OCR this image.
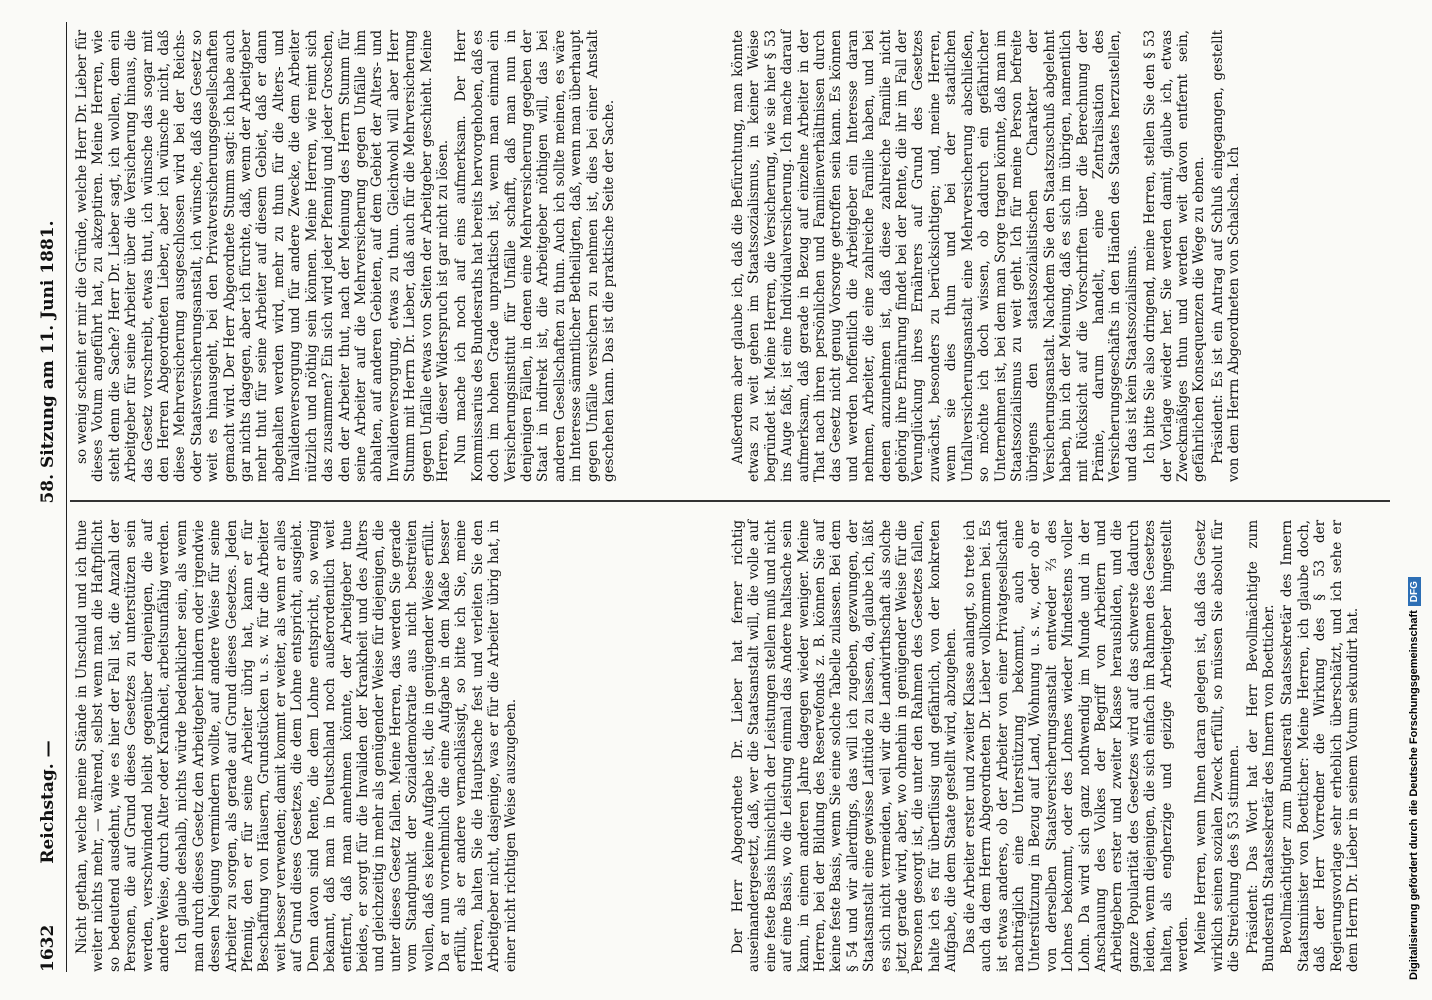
1632
Reichstag. —
58. Sitzung am 11. Juni 1881.

Nicht gethan, welche meine Stände in Unschuld und ich thue weiter nichts mehr, — während, selbst wenn man die Haftpflicht so bedeutend ausdehnt, wie es hier der Fall ist, die Anzahl der Personen, die auf Grund dieses Gesetzes zu unterstützen sein werden, verschwindend bleibt gegenüber denjenigen, die auf andere Weise, durch Alter oder Krankheit, arbeitsunfähig werden. Ich glaube deshalb, nichts würde bedenklicher sein, als wenn man durch dieses Gesetz den Arbeitgeber hindern oder irgendwie dessen Neigung vermindern wollte, auf andere Weise für seine Arbeiter zu sorgen, als gerade auf Grund dieses Gesetzes. Jeden Pfennig, den er für seine Arbeiter übrig hat, kann er für Beschaffung von Häusern, Grundstücken u. s. w. für die Arbeiter weit besser verwenden; damit kommt er weiter, als wenn er alles auf Grund dieses Gesetzes, die dem Lohne entspricht, ausgiebt. Denn davon sind Rente, die dem Lohne entspricht, so wenig bekannt, daß man in Deutschland noch außerordentlich weit entfernt, daß man annehmen könnte, der Arbeitgeber thue beides, er sorgt für die Invaliden der Krankheit und des Alters und gleichzeitig in mehr als genügender Weise für diejenigen, die unter dieses Gesetz fallen. Meine Herren, das werden Sie gerade vom Standpunkt der Sozialdemokratie aus nicht bestreiten wollen, daß es keine Aufgabe ist, die in genügender Weise erfüllt. Da er nun vornehmlich die eine Aufgabe in dem Maße besser erfüllt, als er andere vernachlässigt, so bitte ich Sie, meine Herren, halten Sie die Hauptsache fest und verleiten Sie den Arbeitgeber nicht, dasjenige, was er für die Arbeiter übrig hat, in einer nicht richtigen Weise auszugeben.	Der Herr Abgeordnete Dr. Lieber hat ferner richtig auseinandergesetzt, daß, wer die Staatsanstalt will, die volle auf eine feste Basis hinsichtlich der Leistungen stellen muß und nicht auf eine Basis, wo die Leistung einmal das Andere haltsache sein kann, in einem anderen Jahre dagegen wieder weniger. Meine Herren, bei der Bildung des Reservefonds z. B. können Sie auf keine feste Basis, wenn Sie eine solche Tabelle zulassen. Bei dem § 54 und wir allerdings, das will ich zugeben, gezwungen, der Staatsanstalt eine gewisse Latitüde zu lassen, da, glaube ich, läßt es sich nicht vermeiden, weil wir die Landwirthschaft als solche jetzt gerade wird, aber, wo ohnehin in genügender Weise für die Personen gesorgt ist, die unter den Rahmen des Gesetzes fallen, halte ich es für überflüssig und gefährlich, von der konkreten Aufgabe, die dem Staate gestellt wird, abzugehen. Das die Arbeiter erster und zweiter Klasse anlangt, so trete ich auch da dem Herrn Abgeordneten Dr. Lieber vollkommen bei. Es ist etwas anderes, ob der Arbeiter von einer Privatgesellschaft nachträglich eine Unterstützung bekommt, auch eine Unterstützung in Bezug auf Land, Wohnung u. s. w., oder ob er von derselben Staatsversicherungsanstalt entweder ⅔ des Lohnes bekommt, oder des Lohnes wieder Mindestens voller Lohn. Da wird sich ganz nothwendig im Munde und in der Anschauung des Volkes der Begriff von Arbeitern und Arbeitgebern erster und zweiter Klasse herausbilden, und die ganze Popularität des Gesetzes wird auf das schwerste dadurch leiden, wenn diejenigen, die sich einfach im Rahmen des Gesetzes halten, als engherzige und geizige Arbeitgeber hingestellt werden. Meine Herren, wenn Ihnen daran gelegen ist, daß das Gesetz wirklich seinen sozialen Zweck erfüllt, so müssen Sie absolut für die Streichung des § 53 stimmen. Präsident: Das Wort hat der Herr Bevollmächtigte zum Bundesrath Staatssekretär des Innern von Boetticher. Bevollmächtigter zum Bundesrath Staatssekretär des Innern Staatsminister von Boetticher: Meine Herren, ich glaube doch, daß der Herr Vorredner die Wirkung des § 53 der Regierungsvorlage sehr erheblich überschätzt, und ich sehe er dem Herrn Dr. Lieber in seinem Votum sekundirt hat.

so wenig scheint er mir die Gründe, welche Herr Dr. Lieber für dieses Votum angeführt hat, zu akzeptiren. Meine Herren, wie steht denn die Sache? Herr Dr. Lieber sagt, ich wollen, dem ein Arbeitgeber für seine Arbeiter über die Versicherung hinaus, die das Gesetz vorschreibt, etwas thut, ich wünsche das sogar mit den Herren Abgeordneten Lieber, aber ich wünsche nicht, daß diese Mehrversicherung ausgeschlossen wird bei der Reichs- oder Staatsversicherungsanstalt, ich wünsche, daß das Gesetz so weit es hinausgeht, bei den Privatversicherungsgesellschaften gemacht wird. Der Herr Abgeordnete Stumm sagt: ich habe auch gar nichts dagegen, aber ich fürchte, daß, wenn der Arbeitgeber mehr thut für seine Arbeiter auf diesem Gebiet, daß er dann abgehalten werden wird, mehr zu thun für die Alters- und Invalidenversorgung und für andere Zwecke, die dem Arbeiter nützlich und nöthig sein können. Meine Herren, wie reimt sich das zusammen? Ein sich wird jeder Pfennig und jeder Groschen, den der Arbeiter thut, nach der Meinung des Herrn Stumm für seine Arbeiter auf die Mehrversicherung gegen Unfälle ihm abhalten, auf anderen Gebieten, auf dem Gebiet der Alters- und Invalidenversorgung, etwas zu thun. Gleichwohl will aber Herr Stumm mit Herrn Dr. Lieber, daß auch für die Mehrversicherung gegen Unfälle etwas von Seiten der Arbeitgeber geschieht. Meine Herren, dieser Widerspruch ist gar nicht zu lösen. Nun mache ich noch auf eins aufmerksam. Der Herr Kommissarius des Bundesraths hat bereits hervorgehoben, daß es doch im hohen Grade unpraktisch ist, wenn man einmal ein Versicherungsinstitut für Unfälle schafft, daß man nun in denjenigen Fällen, in denen eine Mehrversicherung gegeben der Staat in indirekt ist, die Arbeitgeber nöthigen will, das bei anderen Gesellschaften zu thun. Auch ich sollte meinen, es wäre im Interesse sämmtlicher Betheiligten, daß, wenn man überhaupt gegen Unfälle versichern zu nehmen ist, dies bei einer Anstalt geschehen kann. Das ist die praktische Seite der Sache.	Außerdem aber glaube ich, daß die Befürchtung, man könnte etwas zu weit gehen im Staatssozialismus, in keiner Weise begründet ist. Meine Herren, die Versicherung, wie sie hier § 53 ins Auge faßt, ist eine Individualversicherung. Ich mache darauf aufmerksam, daß gerade in Bezug auf einzelne Arbeiter in der That nach ihren persönlichen und Familienverhältnissen durch das Gesetz nicht genug Vorsorge getroffen sein kann. Es können und werden hoffentlich die Arbeitgeber ein Interesse daran nehmen, Arbeiter, die eine zahlreiche Familie haben, und bei denen anzunehmen ist, daß diese zahlreiche Familie nicht gehörig ihre Ernährung findet bei der Rente, die ihr im Fall der Verunglückung ihres Ernährers auf Grund des Gesetzes zuwächst, besonders zu berücksichtigen; und, meine Herren, wenn sie dies thun und bei der staatlichen Unfallversicherungsanstalt eine Mehrversicherung abschließen, so möchte ich doch wissen, ob dadurch ein gefährlicher Unternehmen ist, bei dem man Sorge tragen könnte, daß man im Staatssozialismus zu weit geht. Ich für meine Person befreite übrigens den staatssozialistischen Charakter der Versicherungsanstalt. Nachdem Sie den Staatszuschuß abgelehnt haben, bin ich der Meinung, daß es sich im übrigen, namentlich mit Rücksicht auf die Vorschriften über die Berechnung der Prämie, darum handelt, eine Zentralisation des Versicherungsgeschäfts in den Händen des Staates herzustellen, und das ist kein Staatssozialismus. Ich bitte Sie also dringend, meine Herren, stellen Sie den § 53 der Vorlage wieder her. Sie werden damit, glaube ich, etwas Zweckmäßiges thun und werden weit davon entfernt sein, gefährlichen Konsequenzen die Wege zu ebnen. Präsident: Es ist ein Antrag auf Schluß eingegangen, gestellt von dem Herrn Abgeordneten von Schalscha. Ich

Digitalisierung gefördert durch die Deutsche ForschungsgemeinschaftDFG
